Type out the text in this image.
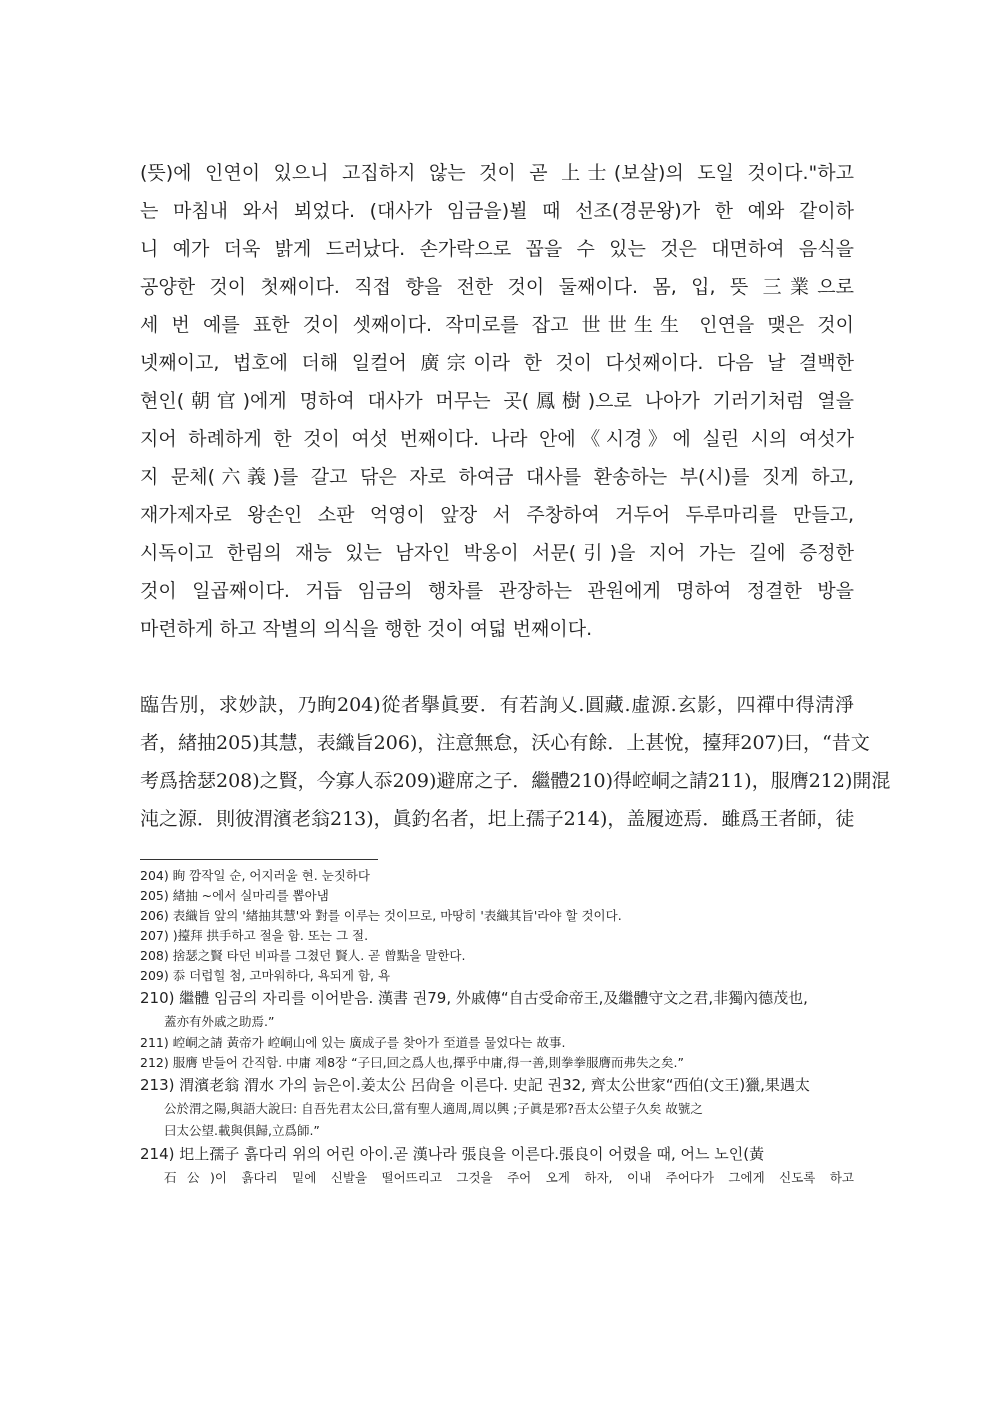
(뜻)에 인연이 있으니 고집하지 않는 것이 곧 上士(보살)의 도일 것이다."하고
는 마침내 와서 뵈었다. (대사가 임금을)뵐 때 선조(경문왕)가 한 예와 같이하
니 예가 더욱 밝게 드러났다. 손가락으로 꼽을 수 있는 것은 대면하여 음식을
공양한 것이 첫째이다. 직접 향을 전한 것이 둘째이다. 몸, 입, 뜻 三業으로
세 번 예를 표한 것이 셋째이다. 작미로를 잡고 世世生生 인연을 맺은 것이
넷째이고, 법호에 더해 일컬어 廣宗이라 한 것이 다섯째이다. 다음 날 결백한
현인(朝官)에게 명하여 대사가 머무는 곳(鳳樹)으로 나아가 기러기처럼 열을
지어 하례하게 한 것이 여섯 번째이다. 나라 안에《시경》에 실린 시의 여섯가
지 문체(六義)를 갈고 닦은 자로 하여금 대사를 환송하는 부(시)를 짓게 하고,
재가제자로 왕손인 소판 억영이 앞장 서 주창하여 거두어 두루마리를 만들고,
시독이고 한림의 재능 있는 남자인 박옹이 서문(引)을 지어 가는 길에 증정한
것이 일곱째이다. 거듭 임금의 행차를 관장하는 관원에게 명하여 정결한 방을
마련하게 하고 작별의 의식을 행한 것이 여덟 번째이다.
臨告別，求妙訣，乃眴204)從者擧眞要．有若詢乂.圓藏.虛源.玄影，四禪中得淸淨
者，緖抽205)其慧，表織旨206)，注意無怠，沃心有餘．上甚悅，擡拜207)曰，“昔文
考爲捨瑟208)之賢，今寡人忝209)避席之子．繼體210)得崆峒之請211)，服膺212)開混
沌之源．則彼渭濱老翁213)，眞釣名者，圯上孺子214)，盖履迹焉．雖爲王者師，徒
204) 眴 깜작일 순, 어지러울 현. 눈짓하다
205) 緖抽 ~에서 실마리를 뽑아냄
206) 表織旨 앞의 '緖抽其慧'와 對를 이루는 것이므로, 마땅히 '表織其旨'라야 할 것이다.
207) )擡拜 拱手하고 절을 함. 또는 그 절.
208) 捨瑟之賢 타던 비파를 그쳤던 賢人. 곧 曾點을 말한다.
209) 忝 더럽힐 첨, 고마워하다, 욕되게 함, 욕
210) 繼體 임금의 자리를 이어받음. 漢書 권79, 外戚傳“自古受命帝王,及繼體守文之君,非獨內德茂也,
蓋亦有外戚之助焉.”
211) 崆峒之請 黃帝가 崆峒山에 있는 廣成子를 찾아가 至道를 물었다는 故事.
212) 服膺 받들어 간직함. 中庸 제8장 “子曰,回之爲人也,擇乎中庸,得一善,則拳拳服膺而弗失之矣.”
213) 渭濱老翁 渭水 가의 늙은이.姜太公 呂尙을 이른다. 史記 권32, 齊太公世家“西伯(文王)獵,果遇太
公於渭之陽,與語大說曰: 自吾先君太公曰,當有聖人適周,周以興 ;子眞是邪?吾太公望子久矣 故號之
曰太公望.載與俱歸,立爲師.”
214) 圯上孺子 흙다리 위의 어린 아이.곧 漢나라 張良을 이른다.張良이 어렸을 때, 어느 노인(黃
石公)이 흙다리 밑에 신발을 떨어뜨리고 그것을 주어 오게 하자, 이내 주어다가 그에게 신도록 하고
